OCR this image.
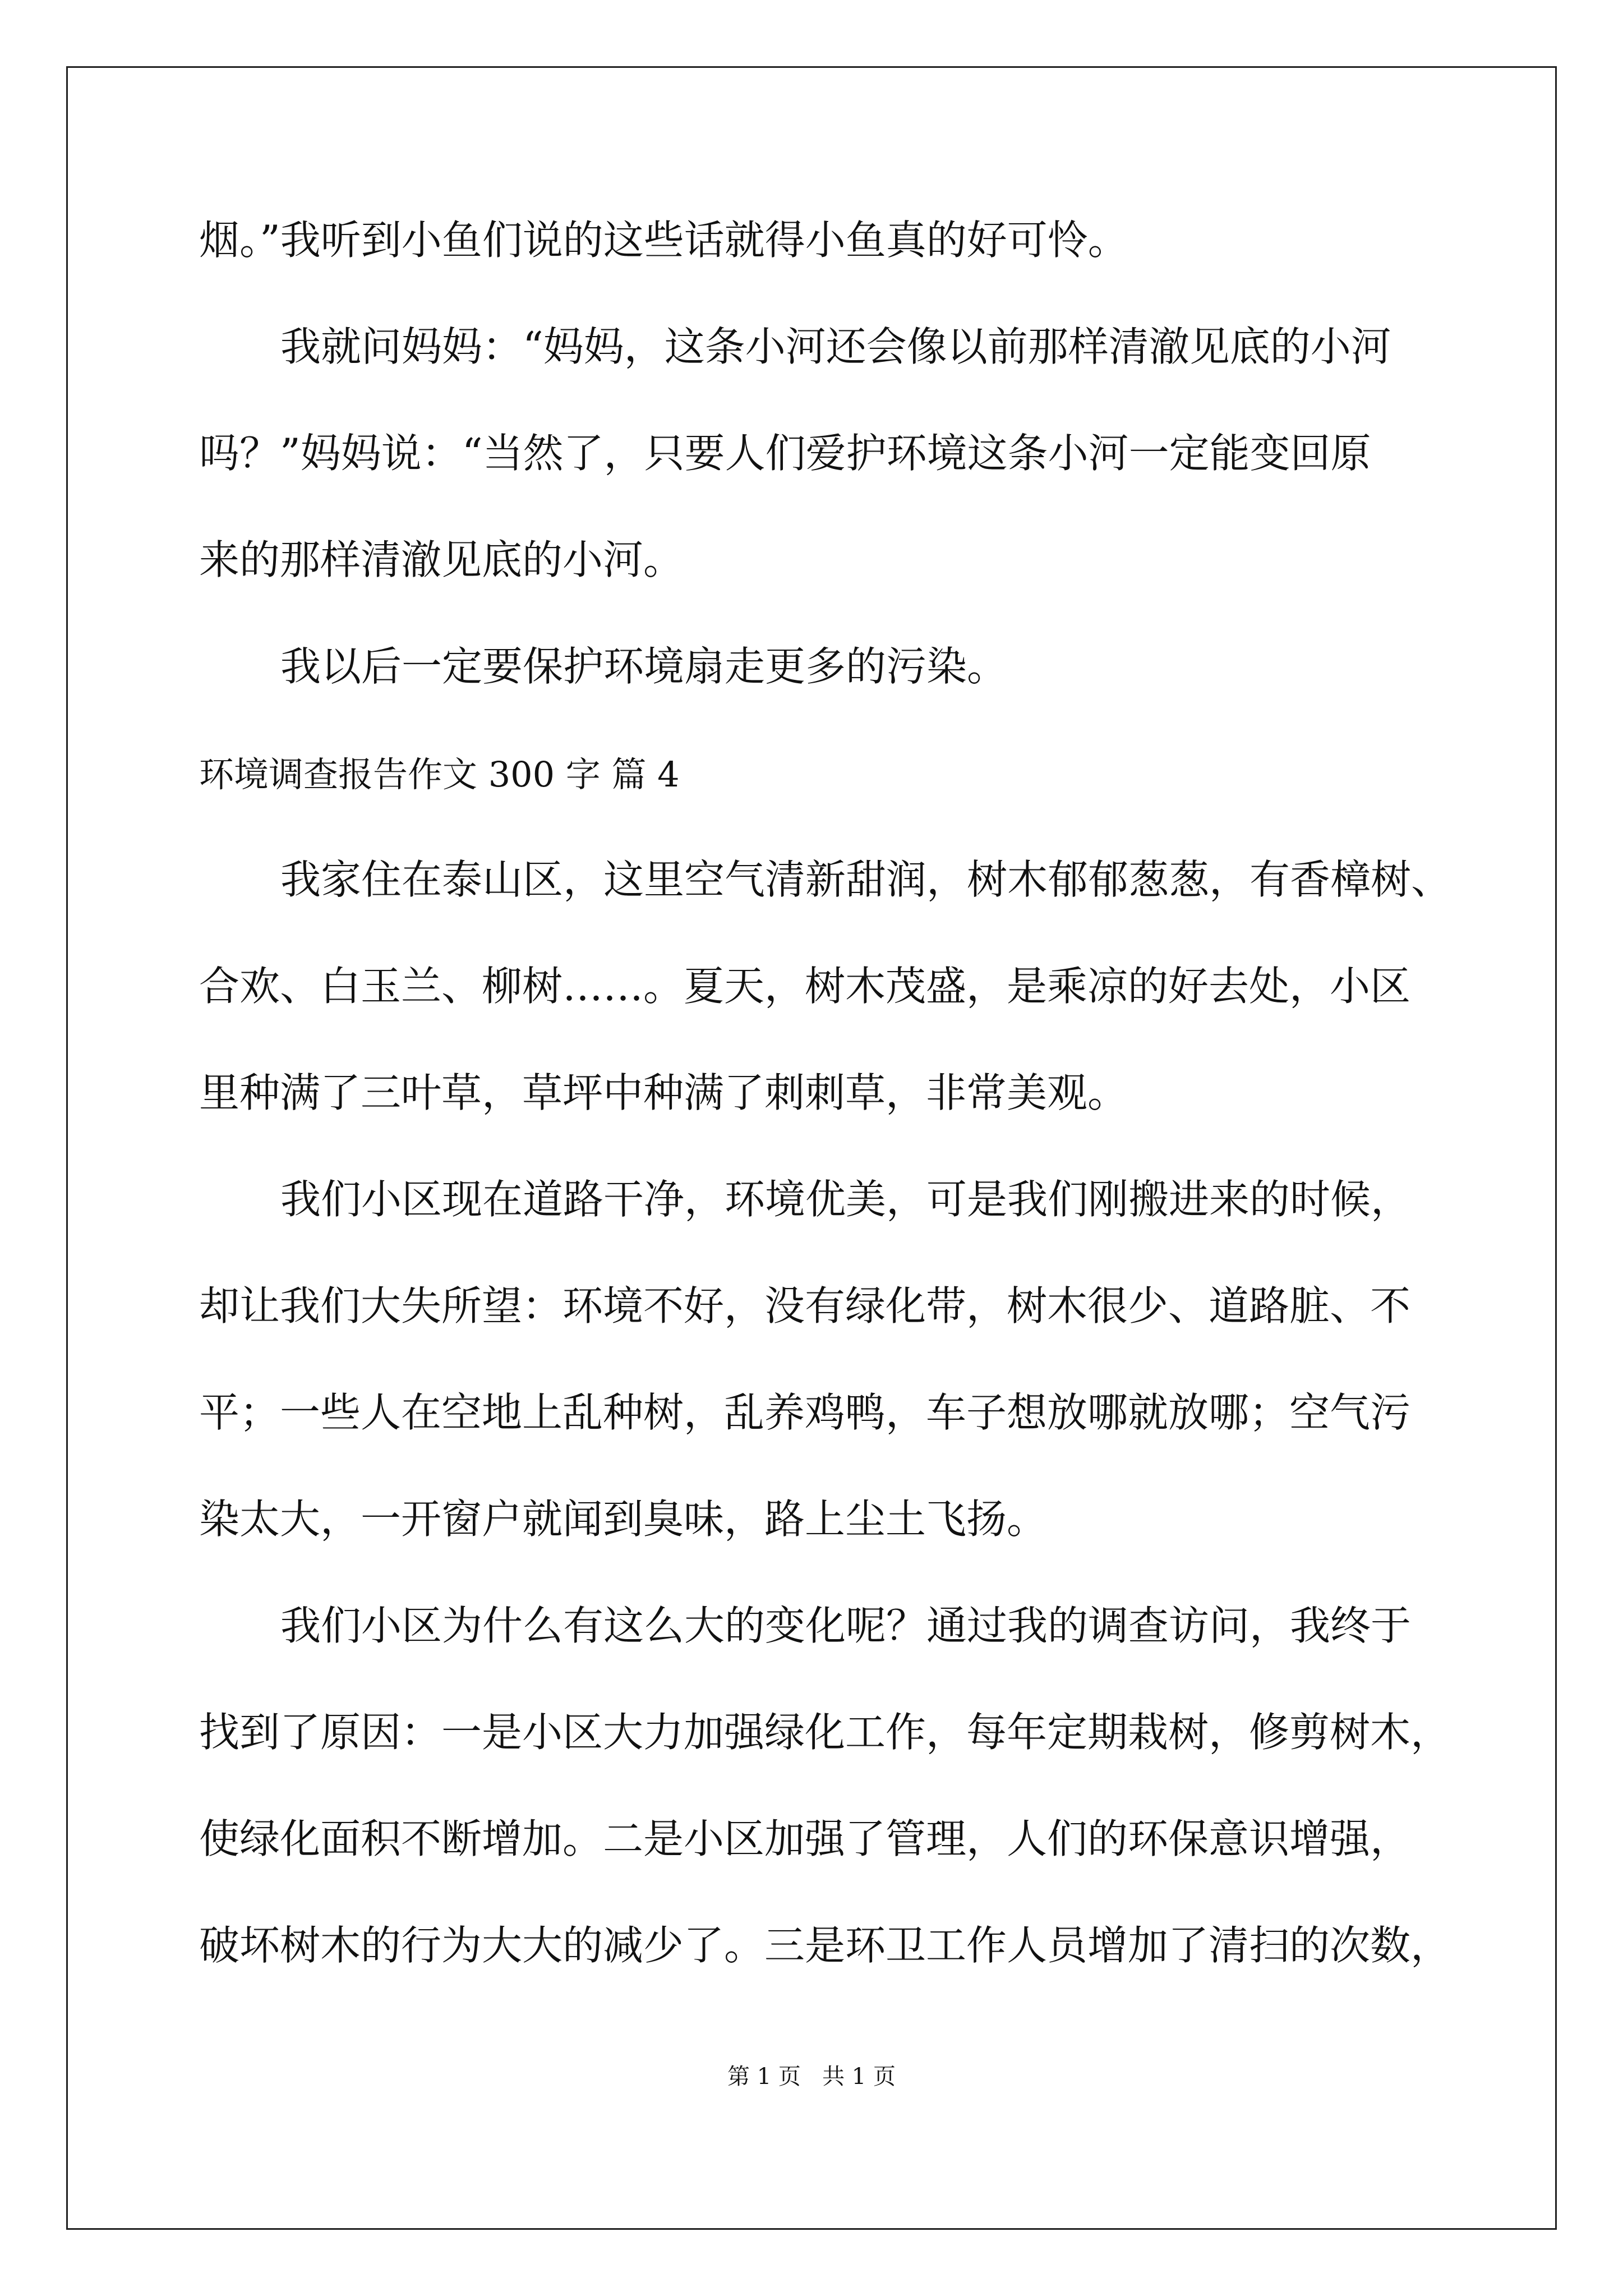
烟。”我听到小鱼们说的这些话就得小鱼真的好可怜。
我就问妈妈：“妈妈，这条小河还会像以前那样清澈见底的小河
吗？”妈妈说：“当然了，只要人们爱护环境这条小河一定能变回原
来的那样清澈见底的小河。
我以后一定要保护环境扇走更多的污染。
环境调查报告作文 300 字 篇 4
我家住在泰山区，这里空气清新甜润，树木郁郁葱葱，有香樟树、
合欢、白玉兰、柳树……。夏天，树木茂盛，是乘凉的好去处，小区
里种满了三叶草，草坪中种满了刺刺草，非常美观。
我们小区现在道路干净，环境优美，可是我们刚搬进来的时候，
却让我们大失所望：环境不好，没有绿化带，树木很少、道路脏、不
平；一些人在空地上乱种树，乱养鸡鸭，车子想放哪就放哪；空气污
染太大，一开窗户就闻到臭味，路上尘土飞扬。
我们小区为什么有这么大的变化呢？通过我的调查访问，我终于
找到了原因：一是小区大力加强绿化工作，每年定期栽树，修剪树木，
使绿化面积不断增加。二是小区加强了管理，人们的环保意识增强，
破坏树木的行为大大的减少了。三是环卫工作人员增加了清扫的次数，
第 1 页   共 1 页
